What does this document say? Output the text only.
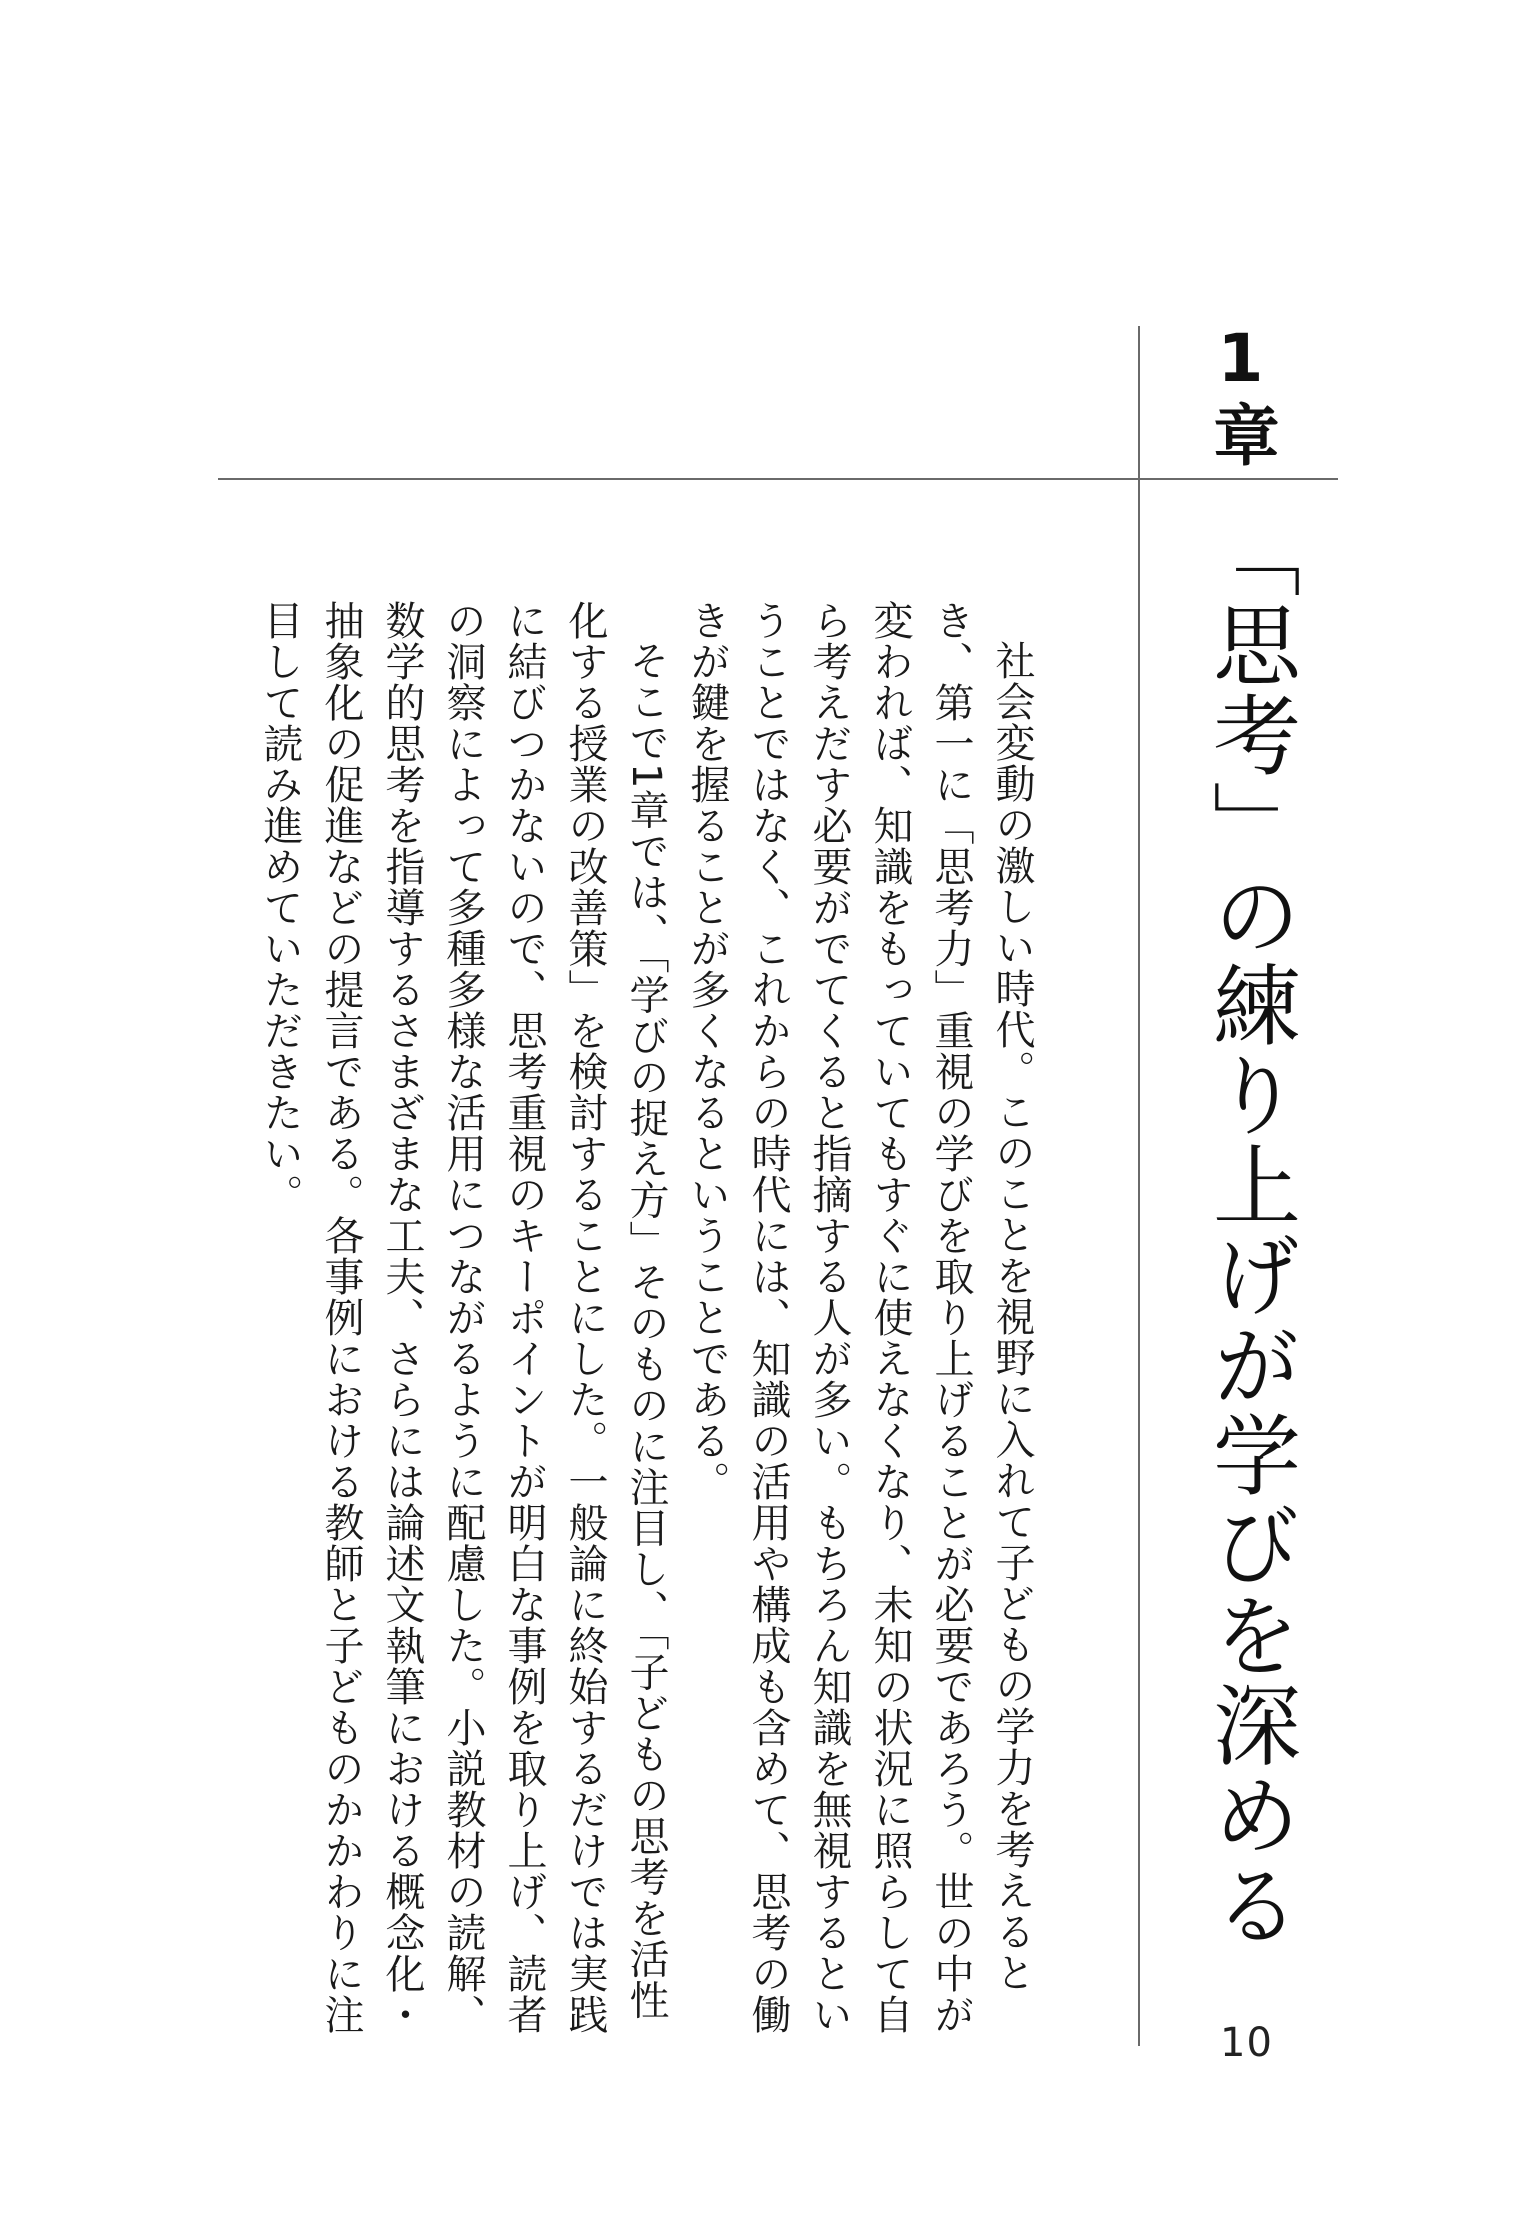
1章
「思考」の練り上げが学びを深める

社会変動の激しい時代。このことを視野に入れて子どもの学力を考えるとき、第一に「思考力」重視の学びを取り上げることが必要であろう。世の中が変われば、知識をもっていてもすぐに使えなくなり、未知の状況に照らして自ら考えだす必要がでてくると指摘する人が多い。もちろん知識を無視するということではなく、これからの時代には、知識の活用や構成も含めて、思考の働きが鍵を握ることが多くなるということである。

そこで1章では、「学びの捉え方」そのものに注目し、「子どもの思考を活性化する授業の改善策」を検討することにした。一般論に終始するだけでは実践に結びつかないので、思考重視のキーポイントが明白な事例を取り上げ、読者の洞察によって多種多様な活用につながるように配慮した。小説教材の読解、数学的思考を指導するさまざまな工夫、さらには論述文執筆における概念化・抽象化の促進などの提言である。各事例における教師と子どものかかわりに注目して読み進めていただきたい。

10
